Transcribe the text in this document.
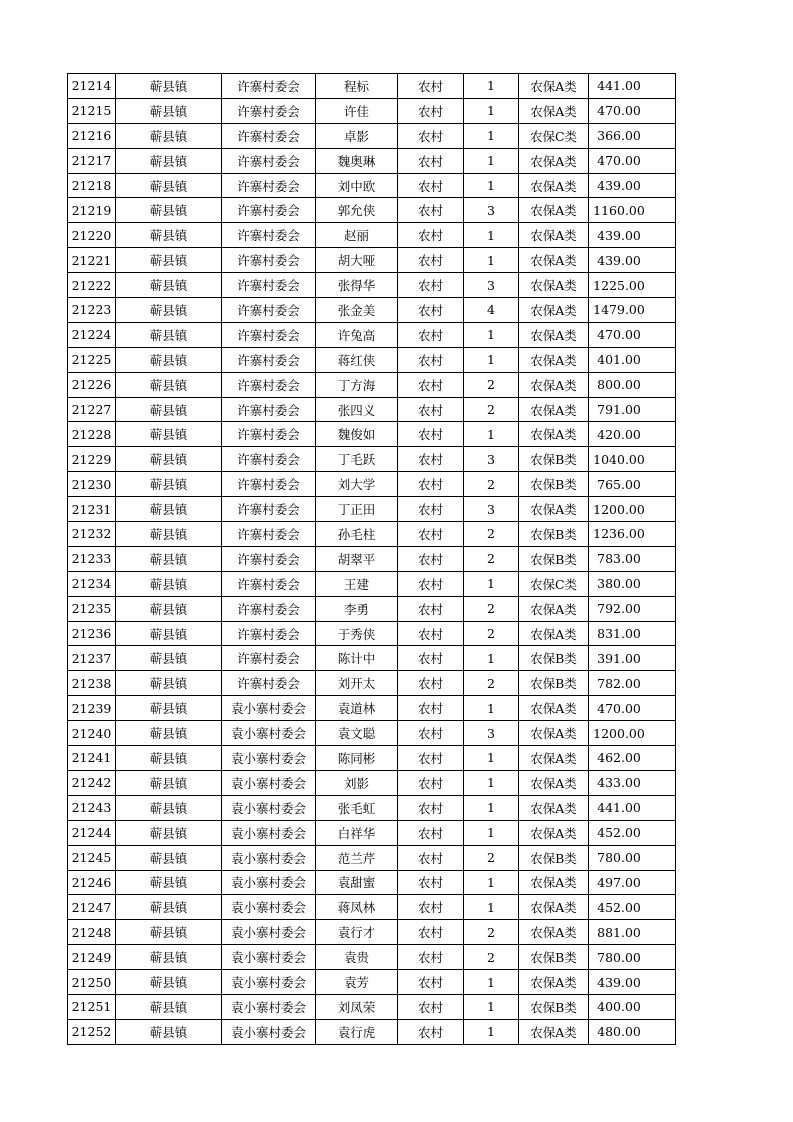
21214	蕲县镇	许寨村委会	程标	农村	1	农保A类	441.00
21215	蕲县镇	许寨村委会	许佳	农村	1	农保A类	470.00
21216	蕲县镇	许寨村委会	卓影	农村	1	农保C类	366.00
21217	蕲县镇	许寨村委会	魏奥琳	农村	1	农保A类	470.00
21218	蕲县镇	许寨村委会	刘中欧	农村	1	农保A类	439.00
21219	蕲县镇	许寨村委会	郭允侠	农村	3	农保A类	1160.00
21220	蕲县镇	许寨村委会	赵丽	农村	1	农保A类	439.00
21221	蕲县镇	许寨村委会	胡大哑	农村	1	农保A类	439.00
21222	蕲县镇	许寨村委会	张得华	农村	3	农保A类	1225.00
21223	蕲县镇	许寨村委会	张金美	农村	4	农保A类	1479.00
21224	蕲县镇	许寨村委会	许兔高	农村	1	农保A类	470.00
21225	蕲县镇	许寨村委会	蒋红侠	农村	1	农保A类	401.00
21226	蕲县镇	许寨村委会	丁方海	农村	2	农保A类	800.00
21227	蕲县镇	许寨村委会	张四义	农村	2	农保A类	791.00
21228	蕲县镇	许寨村委会	魏俊如	农村	1	农保A类	420.00
21229	蕲县镇	许寨村委会	丁毛跃	农村	3	农保B类	1040.00
21230	蕲县镇	许寨村委会	刘大学	农村	2	农保B类	765.00
21231	蕲县镇	许寨村委会	丁正田	农村	3	农保A类	1200.00
21232	蕲县镇	许寨村委会	孙毛柱	农村	2	农保B类	1236.00
21233	蕲县镇	许寨村委会	胡翠平	农村	2	农保B类	783.00
21234	蕲县镇	许寨村委会	王建	农村	1	农保C类	380.00
21235	蕲县镇	许寨村委会	李勇	农村	2	农保A类	792.00
21236	蕲县镇	许寨村委会	于秀侠	农村	2	农保A类	831.00
21237	蕲县镇	许寨村委会	陈计中	农村	1	农保B类	391.00
21238	蕲县镇	许寨村委会	刘开太	农村	2	农保B类	782.00
21239	蕲县镇	袁小寨村委会	袁道林	农村	1	农保A类	470.00
21240	蕲县镇	袁小寨村委会	袁文聪	农村	3	农保A类	1200.00
21241	蕲县镇	袁小寨村委会	陈同彬	农村	1	农保A类	462.00
21242	蕲县镇	袁小寨村委会	刘影	农村	1	农保A类	433.00
21243	蕲县镇	袁小寨村委会	张毛虹	农村	1	农保A类	441.00
21244	蕲县镇	袁小寨村委会	白祥华	农村	1	农保A类	452.00
21245	蕲县镇	袁小寨村委会	范兰芹	农村	2	农保B类	780.00
21246	蕲县镇	袁小寨村委会	袁甜蜜	农村	1	农保A类	497.00
21247	蕲县镇	袁小寨村委会	蒋凤林	农村	1	农保A类	452.00
21248	蕲县镇	袁小寨村委会	袁行才	农村	2	农保A类	881.00
21249	蕲县镇	袁小寨村委会	袁贵	农村	2	农保B类	780.00
21250	蕲县镇	袁小寨村委会	袁芳	农村	1	农保A类	439.00
21251	蕲县镇	袁小寨村委会	刘凤荣	农村	1	农保B类	400.00
21252	蕲县镇	袁小寨村委会	袁行虎	农村	1	农保A类	480.00
